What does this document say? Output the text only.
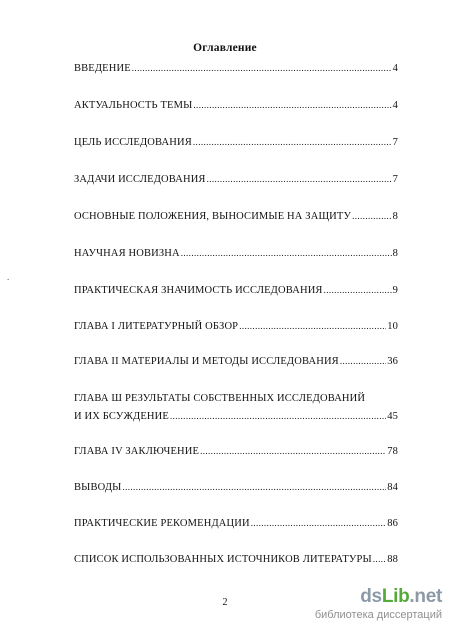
Оглавление
.
ВВЕДЕНИЕ .....	4
АКТУАЛЬНОСТЬ ТЕМЫ .....	4
ЦЕЛЬ ИССЛЕДОВАНИЯ .....	7
ЗАДАЧИ ИССЛЕДОВАНИЯ .....	7
ОСНОВНЫЕ ПОЛОЖЕНИЯ, ВЫНОСИМЫЕ НА ЗАЩИТУ .....	8
НАУЧНАЯ НОВИЗНА .....	8
ПРАКТИЧЕСКАЯ ЗНАЧИМОСТЬ ИССЛЕДОВАНИЯ .....	9
ГЛАВА I ЛИТЕРАТУРНЫЙ ОБЗОР .....	10
ГЛАВА II МАТЕРИАЛЫ И МЕТОДЫ ИССЛЕДОВАНИЯ .....	36
ГЛАВА Ш РЕЗУЛЬТАТЫ СОБСТВЕННЫХ ИССЛЕДОВАНИЙ
И ИХ БСУЖДЕНИЕ .....	45
ГЛАВА IV ЗАКЛЮЧЕНИЕ .....	78
ВЫВОДЫ .....	84
ПРАКТИЧЕСКИЕ РЕКОМЕНДАЦИИ .....	86
СПИСОК ИСПОЛЬЗОВАННЫХ ИСТОЧНИКОВ ЛИТЕРАТУРЫ ..... 88
2	dsLib.net
библиотека диссертаций
